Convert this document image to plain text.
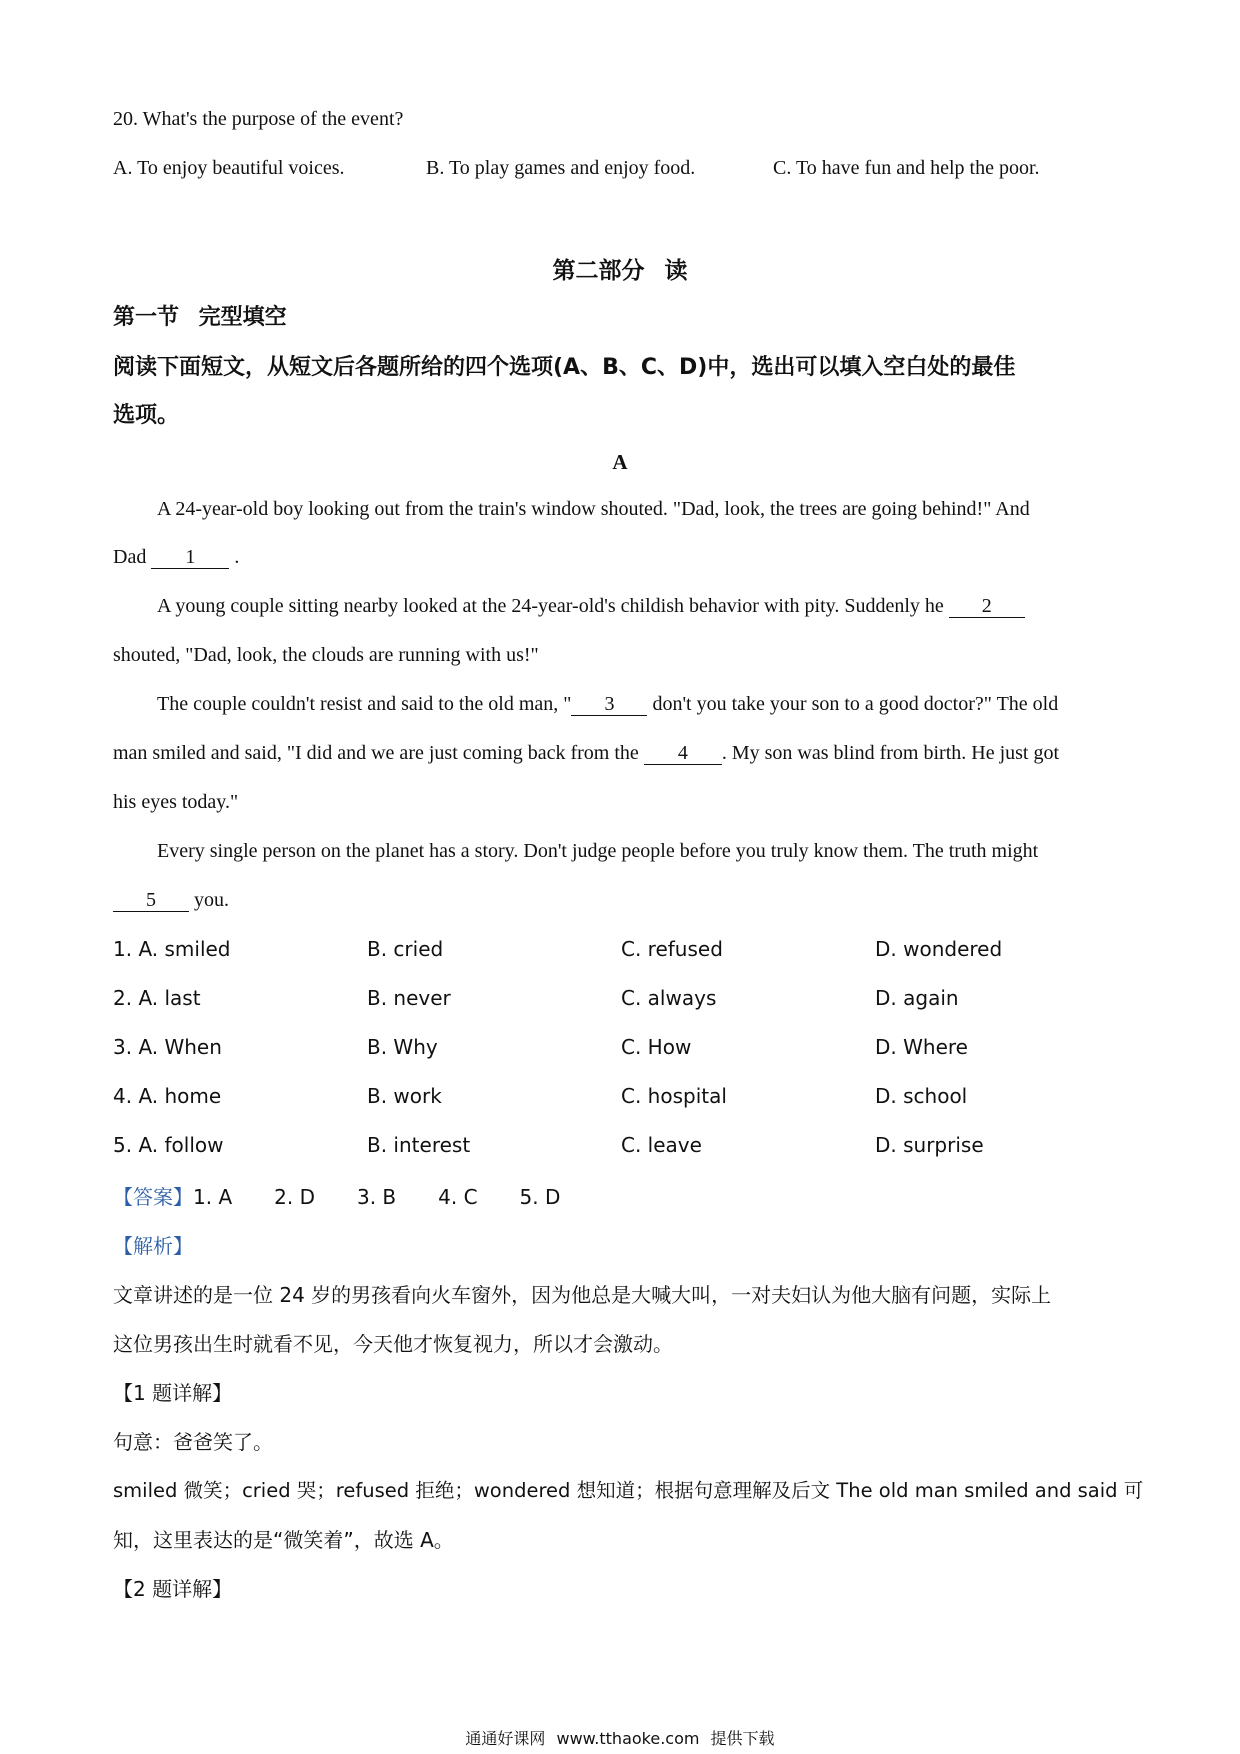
20. What's the purpose of the event?
A. To enjoy beautiful voices.	B. To play games and enjoy food.	C. To have fun and help the poor.
第二部分 读
第一节 完型填空
阅读下面短文，从短文后各题所给的四个选项(A、B、C、D)中，选出可以填入空白处的最佳
选项。
A
A 24-year-old boy looking out from the train's window shouted. "Dad, look, the trees are going behind!" And
Dad 1 .
A young couple sitting nearby looked at the 24-year-old's childish behavior with pity. Suddenly he 2
shouted, "Dad, look, the clouds are running with us!"
The couple couldn't resist and said to the old man, " 3 don't you take your son to a good doctor?" The old
man smiled and said, "I did and we are just coming back from the 4 . My son was blind from birth. He just got
his eyes today."
Every single person on the planet has a story. Don't judge people before you truly know them. The truth might
5 you.
1. A. smiled	B. cried	C. refused	D. wondered
2. A. last	B. never	C. always	D. again
3. A. When	B. Why	C. How	D. Where
4. A. home	B. work	C. hospital	D. school
5. A. follow	B. interest	C. leave	D. surprise
【答案】1. A 2. D 3. B 4. C 5. D
【解析】
文章讲述的是一位 24 岁的男孩看向火车窗外，因为他总是大喊大叫，一对夫妇认为他大脑有问题，实际上
这位男孩出生时就看不见，今天他才恢复视力，所以才会激动。
【1 题详解】
句意：爸爸笑了。
smiled 微笑；cried 哭；refused 拒绝；wondered 想知道；根据句意理解及后文 The old man smiled and said 可
知，这里表达的是“微笑着”，故选 A。
【2 题详解】
通通好课网 www.tthaoke.com 提供下载
